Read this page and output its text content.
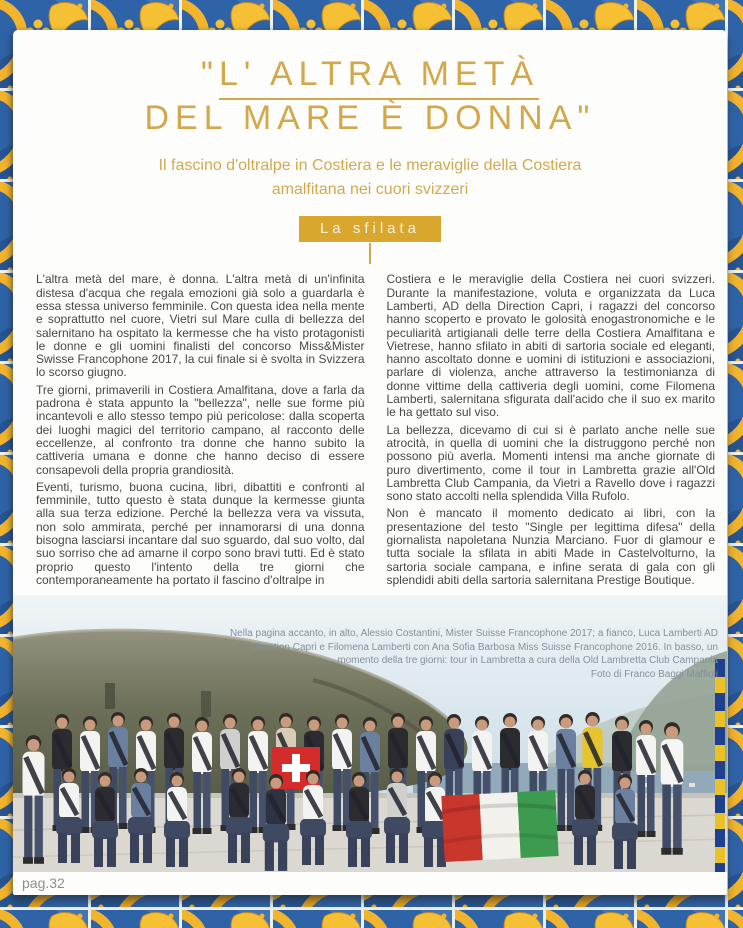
"L' ALTRA METÀ
DEL MARE È DONNA"

Il fascino d'oltralpe in Costiera e le meraviglie della Costiera amalfitana nei cuori svizzeri

La sfilata

L'altra metà del mare, è donna. L'altra metà di un'infinita distesa d'acqua che regala emozioni già solo a guardarla è essa stessa universo femminile. Con questa idea nella mente e soprattutto nel cuore, Vietri sul Mare culla di bellezza del salernitano ha ospitato la kermesse che ha visto protagonisti le donne e gli uomini finalisti del concorso Miss&Mister Swisse Francophone 2017, la cui finale si è svolta in Svizzera lo scorso giugno.

Tre giorni, primaverili in Costiera Amalfitana, dove a farla da padrona è stata appunto la "bellezza", nelle sue forme più incantevoli e allo stesso tempo più pericolose: dalla scoperta dei luoghi magici del territorio campano, al racconto delle eccellenze, al confronto tra donne che hanno subito la cattiveria umana e donne che hanno deciso di essere consapevoli della propria grandiosità.

Eventi, turismo, buona cucina, libri, dibattiti e confronti al femminile, tutto questo è stata dunque la kermesse giunta alla sua terza edizione. Perché la bellezza vera va vissuta, non solo ammirata, perché per innamorarsi di una donna bisogna lasciarsi incantare dal suo sguardo, dal suo volto, dal suo sorriso che ad amarne il corpo sono bravi tutti. Ed è stato proprio questo l'intento della tre giorni che contemporaneamente ha portato il fascino d'oltralpe in

Costiera e le meraviglie della Costiera nei cuori svizzeri. Durante la manifestazione, voluta e organizzata da Luca Lamberti, AD della Direction Capri, i ragazzi del concorso hanno scoperto e provato le golosità enogastronomiche e le peculiarità artigianali delle terre della Costiera Amalfitana e Vietrese, hanno sfilato in abiti di sartoria sociale ed eleganti, hanno ascoltato donne e uomini di istituzioni e associazioni, parlare di violenza, anche attraverso la testimonianza di donne vittime della cattiveria degli uomini, come Filomena Lamberti, salernitana sfigurata dall'acido che il suo ex marito le ha gettato sul viso.

La bellezza, dicevamo di cui si è parlato anche nelle sue atrocità, in quella di uomini che la distruggono perché non possono più averla. Momenti intensi ma anche giornate di puro divertimento, come il tour in Lambretta grazie all'Old Lambretta Club Campania, da Vietri a Ravello dove i ragazzi sono stato accolti nella splendida Villa Rufolo.

Non è mancato il momento dedicato ai libri, con la presentazione del testo "Single per legittima difesa" della giornalista napoletana Nunzia Marciano. Fuor di glamour e tutta sociale la sfilata in abiti Made in Castelvolturno, la sartoria sociale campana, e infine serata di gala con gli splendidi abiti della sartoria salernitana Prestige Boutique.

Nella pagina accanto, in alto, Alessio Costantini, Mister Suisse Francophone 2017; a fianco, Luca Lamberti AD Direction Capri e Filomena Lamberti con Ana Sofia Barbosa Miss Suisse Francophone 2016. In basso, un momento della tre giorni: tour in Lambretta a cura della Old Lambretta Club Campania
Foto di Franco Baggi Maffioli
pag.32
